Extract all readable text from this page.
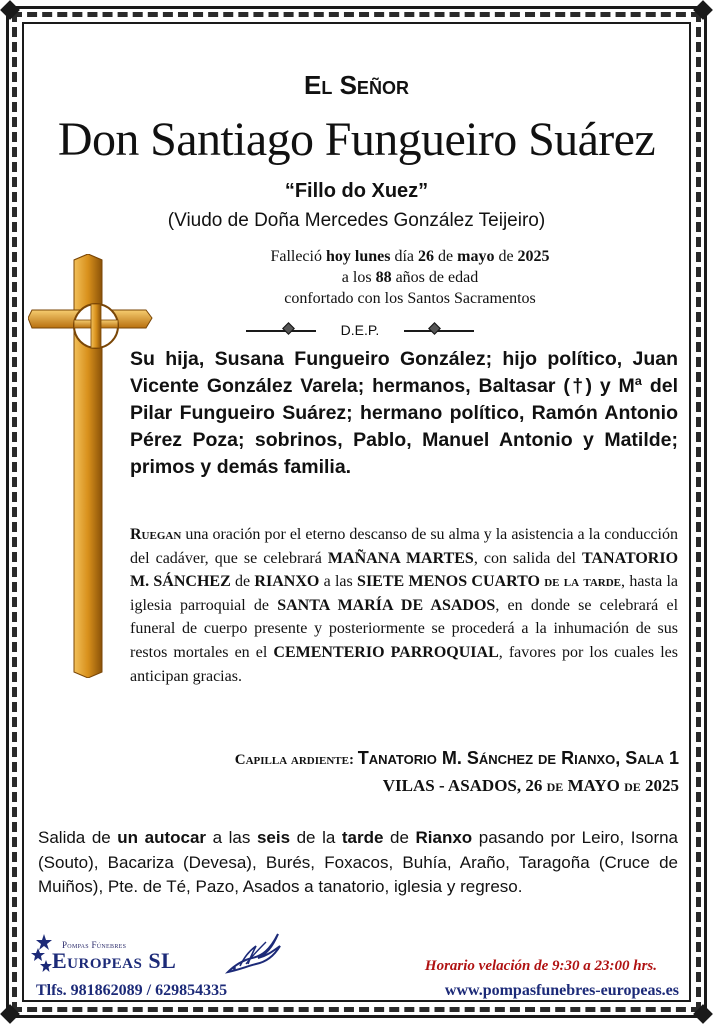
El Señor
Don Santiago Fungueiro Suárez
“Fillo do Xuez”
(Viudo de Doña Mercedes González Teijeiro)
Falleció hoy lunes día 26 de mayo de 2025
a los 88 años de edad
confortado con los Santos Sacramentos
D.E.P.
Su hija, Susana Fungueiro González; hijo político, Juan Vicente González Varela; hermanos, Baltasar (†) y Mª del Pilar Fungueiro Suárez; hermano político, Ramón Antonio Pérez Poza; sobrinos, Pablo, Manuel Antonio y Matilde; primos y demás familia.
Ruegan una oración por el eterno descanso de su alma y la asistencia a la conducción del cadáver, que se celebrará MAÑANA MARTES, con salida del TANATORIO M. SÁNCHEZ de RIANXO a las SIETE MENOS CUARTO de la tarde, hasta la iglesia parroquial de SANTA MARÍA DE ASADOS, en donde se celebrará el funeral de cuerpo presente y posteriormente se procederá a la inhumación de sus restos mortales en el CEMENTERIO PARROQUIAL, favores por los cuales les anticipan gracias.
Capilla ardiente: Tanatorio M. Sánchez de Rianxo, Sala 1
VILAS - ASADOS, 26 de MAYO de 2025
Salida de un autocar a las seis de la tarde de Rianxo pasando por Leiro, Isorna (Souto), Bacariza (Devesa), Burés, Foxacos, Buhía, Araño, Taragoña (Cruce de Muiños), Pte. de Té, Pazo, Asados a tanatorio, iglesia y regreso.
Pompas Fúnebres
Europeas SL	Horario velación de 9:30 a 23:00 hrs.
Tlfs. 981862089 / 629854335	www.pompasfunebres-europeas.es
